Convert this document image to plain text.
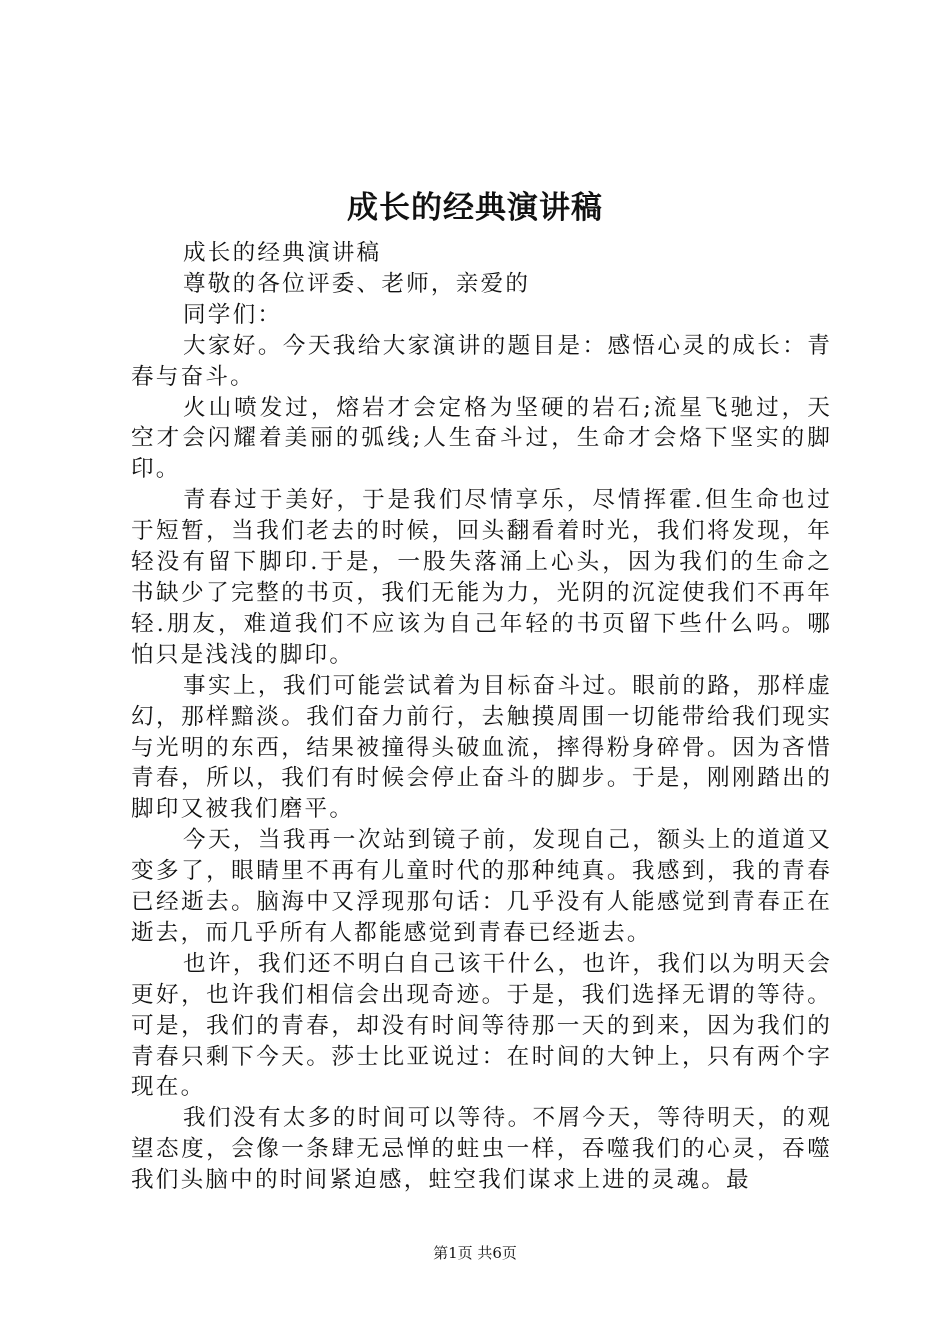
成长的经典演讲稿

成长的经典演讲稿

尊敬的各位评委、老师，亲爱的

同学们：

大家好。今天我给大家演讲的题目是：感悟心灵的成长：青春与奋斗。

火山喷发过，熔岩才会定格为坚硬的岩石;流星飞驰过，天空才会闪耀着美丽的弧线;人生奋斗过，生命才会烙下坚实的脚印。

青春过于美好，于是我们尽情享乐，尽情挥霍.但生命也过于短暂，当我们老去的时候，回头翻看着时光，我们将发现，年轻没有留下脚印.于是，一股失落涌上心头，因为我们的生命之书缺少了完整的书页，我们无能为力，光阴的沉淀使我们不再年轻.朋友，难道我们不应该为自己年轻的书页留下些什么吗。哪怕只是浅浅的脚印。

事实上，我们可能尝试着为目标奋斗过。眼前的路，那样虚幻，那样黯淡。我们奋力前行，去触摸周围一切能带给我们现实与光明的东西，结果被撞得头破血流，摔得粉身碎骨。因为吝惜青春，所以，我们有时候会停止奋斗的脚步。于是，刚刚踏出的脚印又被我们磨平。

今天，当我再一次站到镜子前，发现自己，额头上的道道又变多了，眼睛里不再有儿童时代的那种纯真。我感到，我的青春已经逝去。脑海中又浮现那句话：几乎没有人能感觉到青春正在逝去，而几乎所有人都能感觉到青春已经逝去。

也许，我们还不明白自己该干什么，也许，我们以为明天会更好，也许我们相信会出现奇迹。于是，我们选择无谓的等待。可是，我们的青春，却没有时间等待那一天的到来，因为我们的青春只剩下今天。莎士比亚说过：在时间的大钟上，只有两个字现在。

我们没有太多的时间可以等待。不屑今天，等待明天，的观望态度，会像一条肆无忌惮的蛀虫一样，吞噬我们的心灵，吞噬我们头脑中的时间紧迫感，蛀空我们谋求上进的灵魂。最

第1页 共6页
